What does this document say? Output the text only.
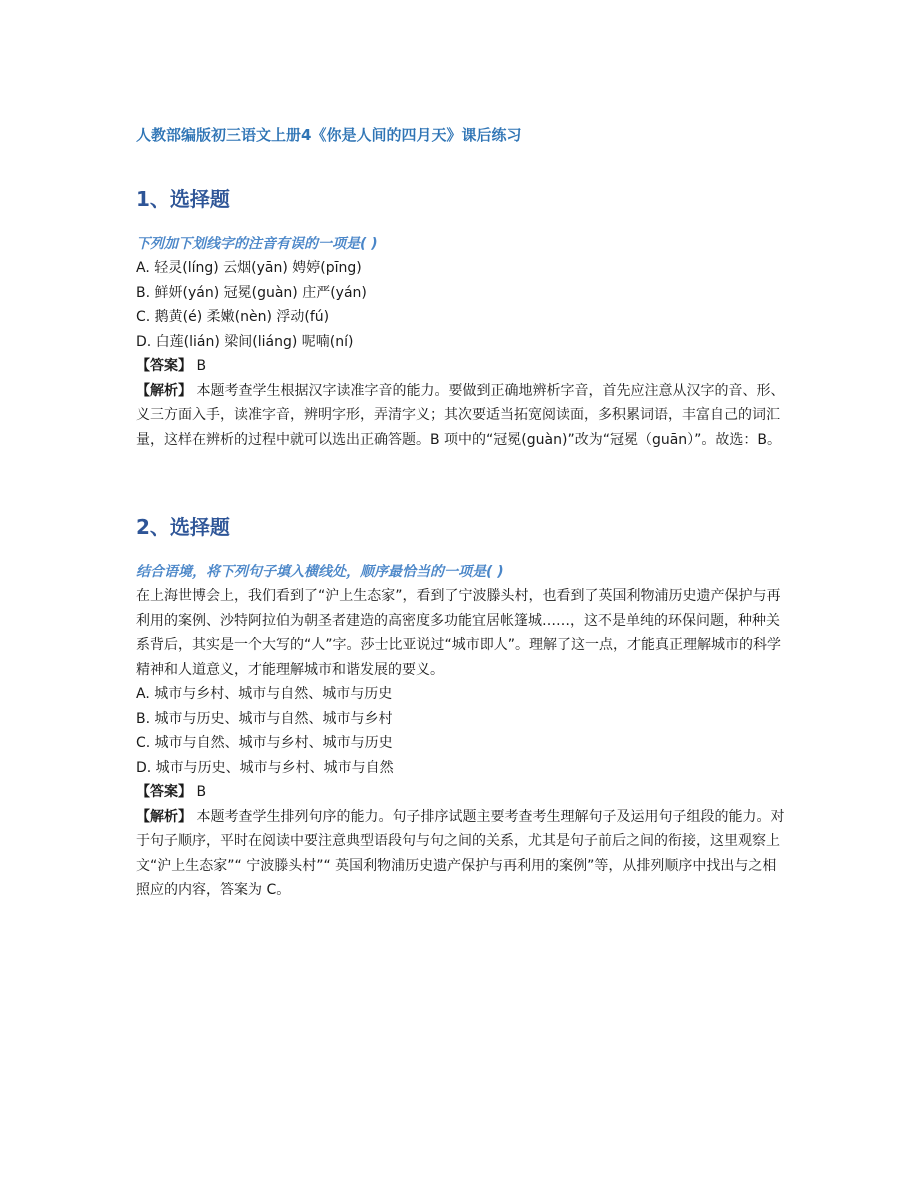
人教部编版初三语文上册4《你是人间的四月天》课后练习
1、选择题
下列加下划线字的注音有误的一项是( )
A. 轻灵(líng) 云烟(yān) 娉婷(pīng)
B. 鲜妍(yán) 冠冕(guàn) 庄严(yán)
C. 鹅黄(é) 柔嫩(nèn) 浮动(fú)
D. 白莲(lián) 梁间(liáng) 呢喃(ní)
【答案】 B
【解析】 本题考查学生根据汉字读准字音的能力。要做到正确地辨析字音，首先应注意从汉字的音、形、义三方面入手，读准字音，辨明字形，弄清字义；其次要适当拓宽阅读面，多积累词语，丰富自己的词汇量，这样在辨析的过程中就可以选出正确答题。B 项中的“冠冕(guàn)”改为“冠冕（guān）”。故选：B。
2、选择题
结合语境，将下列句子填入横线处，顺序最恰当的一项是( )
在上海世博会上，我们看到了“沪上生态家”，看到了宁波滕头村，也看到了英国利物浦历史遗产保护与再利用的案例、沙特阿拉伯为朝圣者建造的高密度多功能宜居帐篷城……，这不是单纯的环保问题，种种关系背后，其实是一个大写的“人”字。莎士比亚说过“城市即人”。理解了这一点，才能真正理解城市的科学精神和人道意义，才能理解城市和谐发展的要义。
A. 城市与乡村、城市与自然、城市与历史
B. 城市与历史、城市与自然、城市与乡村
C. 城市与自然、城市与乡村、城市与历史
D. 城市与历史、城市与乡村、城市与自然
【答案】 B
【解析】 本题考查学生排列句序的能力。句子排序试题主要考查考生理解句子及运用句子组段的能力。对于句子顺序，平时在阅读中要注意典型语段句与句之间的关系，尤其是句子前后之间的衔接，这里观察上文“沪上生态家”“ 宁波滕头村”“ 英国利物浦历史遗产保护与再利用的案例”等，从排列顺序中找出与之相照应的内容，答案为 C。
